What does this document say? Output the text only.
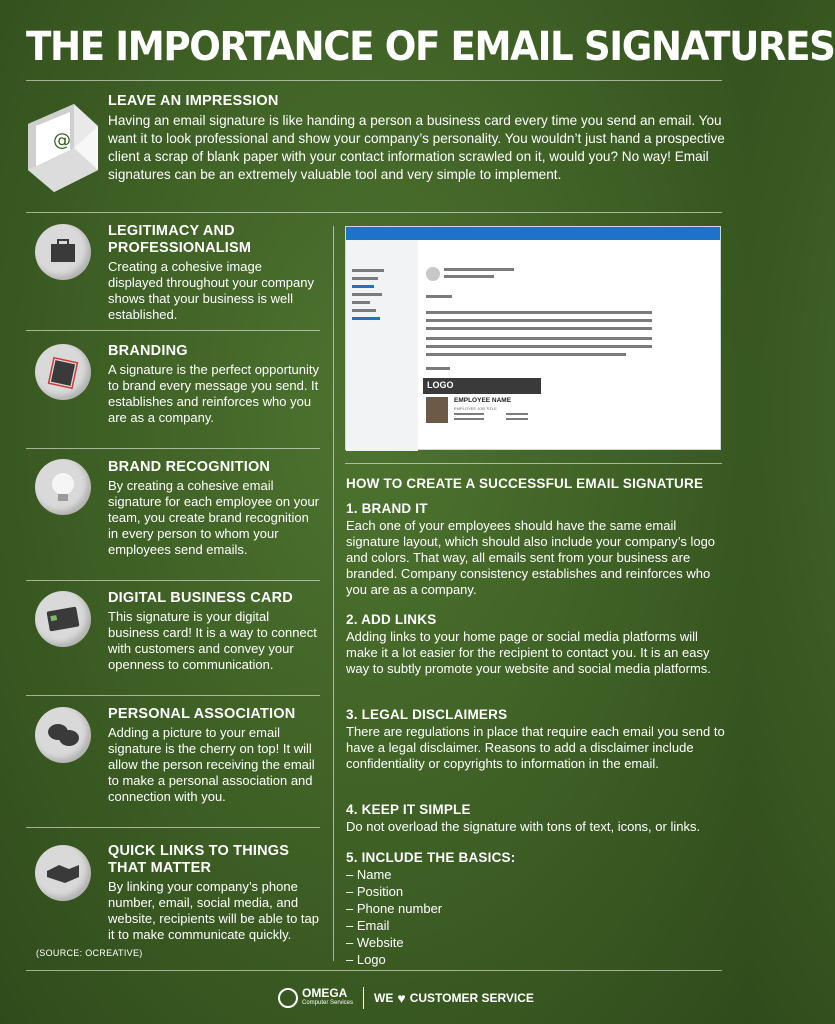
THE IMPORTANCE OF EMAIL SIGNATURES
@
LEAVE AN IMPRESSION
Having an email signature is like handing a person a business card every time you send an email. You want it to look professional and show your company’s personality. You wouldn’t just hand a prospective client a scrap of blank paper with your contact information scrawled on it, would you? No way! Email signatures can be an extremely valuable tool and very simple to implement.
LEGITIMACY AND PROFESSIONALISM
Creating a cohesive image displayed throughout your company shows that your business is well established.
BRANDING
A signature is the perfect opportunity to brand every message you send. It establishes and reinforces who you are as a company.
BRAND RECOGNITION
By creating a cohesive email signature for each employee on your team, you create brand recognition in every person to whom your employees send emails.
DIGITAL BUSINESS CARD
This signature is your digital business card! It is a way to connect with customers and convey your openness to communication.
PERSONAL ASSOCIATION
Adding a picture to your email signature is the cherry on top! It will allow the person receiving the email to make a personal association and connection with you.
QUICK LINKS TO THINGS THAT MATTER
By linking your company’s phone number, email, social media, and website, recipients will be able to tap it to make communicate quickly.
(SOURCE: OCREATIVE)
LOGO
EMPLOYEE NAME
EMPLOYEE JOB TITLE
HOW TO CREATE A SUCCESSFUL EMAIL SIGNATURE
1. BRAND IT
Each one of your employees should have the same email signature layout, which should also include your company’s logo and colors. That way, all emails sent from your business are branded. Company consistency establishes and reinforces who you are as a company.
2. ADD LINKS
Adding links to your home page or social media platforms will make it a lot easier for the recipient to contact you. It is an easy way to subtly promote your website and social media platforms.
3. LEGAL DISCLAIMERS
There are regulations in place that require each email you send to have a legal disclaimer. Reasons to add a disclaimer include confidentiality or copyrights to information in the email.
4. KEEP IT SIMPLE
Do not overload the signature with tons of text, icons, or links.
5. INCLUDE THE BASICS:
– Name
– Position
– Phone number
– Email
– Website
– Logo
OMEGA
Computer Services WE ♥ CUSTOMER SERVICE
